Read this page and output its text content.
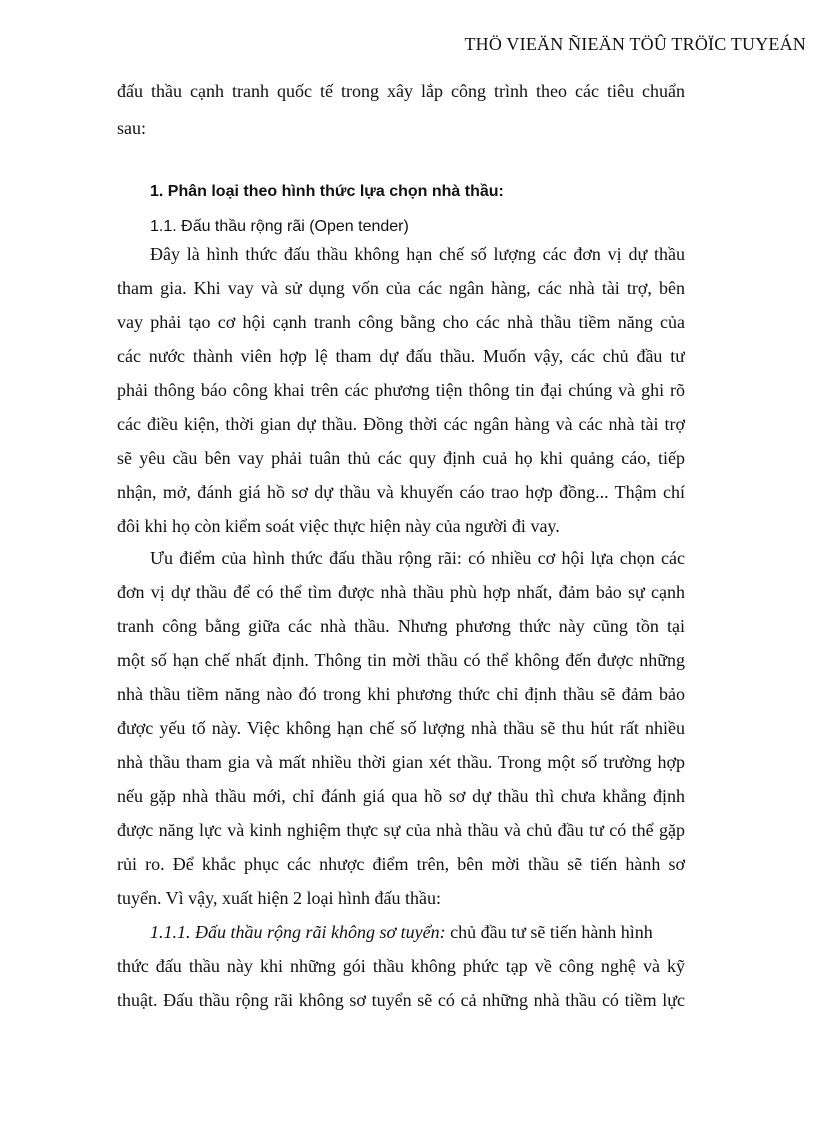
THÖ VIEÄN ÑIEÄN TÖÛ TRÖÏC TUYEÁN
đấu thầu cạnh tranh quốc tế trong xây lắp công trình theo các tiêu chuẩn
sau:
1. Phân loại theo hình thức lựa chọn nhà thầu:
1.1. Đấu thầu rộng rãi (Open tender)
Đây là hình thức đấu thầu không hạn chế số lượng các đơn vị dự thầu
tham gia. Khi vay và sử dụng vốn của các ngân hàng, các nhà tài trợ, bên
vay phải tạo cơ hội cạnh tranh công bằng cho các nhà thầu tiềm năng của
các nước thành viên hợp lệ tham dự đấu thầu. Muốn vậy, các chủ đầu tư
phải thông báo công khai trên các phương tiện thông tin đại chúng và ghi rõ
các điều kiện, thời gian dự thầu. Đồng thời các ngân hàng và các nhà tài trợ
sẽ yêu cầu bên vay phải tuân thủ các quy định cuả họ khi quảng cáo, tiếp
nhận, mở, đánh giá hồ sơ dự thầu và khuyến cáo trao hợp đồng... Thậm chí
đôi khi họ còn kiểm soát việc thực hiện này của người đi vay.
Ưu điểm của hình thức đấu thầu rộng rãi: có nhiều cơ hội lựa chọn các
đơn vị dự thầu để có thể tìm được nhà thầu phù hợp nhất, đảm bảo sự cạnh
tranh công bằng giữa các nhà thầu. Nhưng phương thức này cũng tồn tại
một số hạn chế nhất định. Thông tin mời thầu có thể không đến được những
nhà thầu tiềm năng nào đó trong khi phương thức chỉ định thầu sẽ đảm bảo
được yếu tố này. Việc không hạn chế số lượng nhà thầu sẽ thu hút rất nhiều
nhà thầu tham gia và mất nhiều thời gian xét thầu. Trong một số trường hợp
nếu gặp nhà thầu mới, chỉ đánh giá qua hồ sơ dự thầu thì chưa khẳng định
được năng lực và kinh nghiệm thực sự của nhà thầu và chủ đầu tư có thể gặp
rủi ro. Để khắc phục các nhược điểm trên, bên mời thầu sẽ tiến hành sơ
tuyển. Vì vậy, xuất hiện 2 loại hình đấu thầu:
1.1.1. Đấu thầu rộng rãi không sơ tuyển: chủ đầu tư sẽ tiến hành hình
thức đấu thầu này khi những gói thầu không phức tạp về công nghệ và kỹ
thuật. Đấu thầu rộng rãi không sơ tuyển sẽ có cả những nhà thầu có tiềm lực
